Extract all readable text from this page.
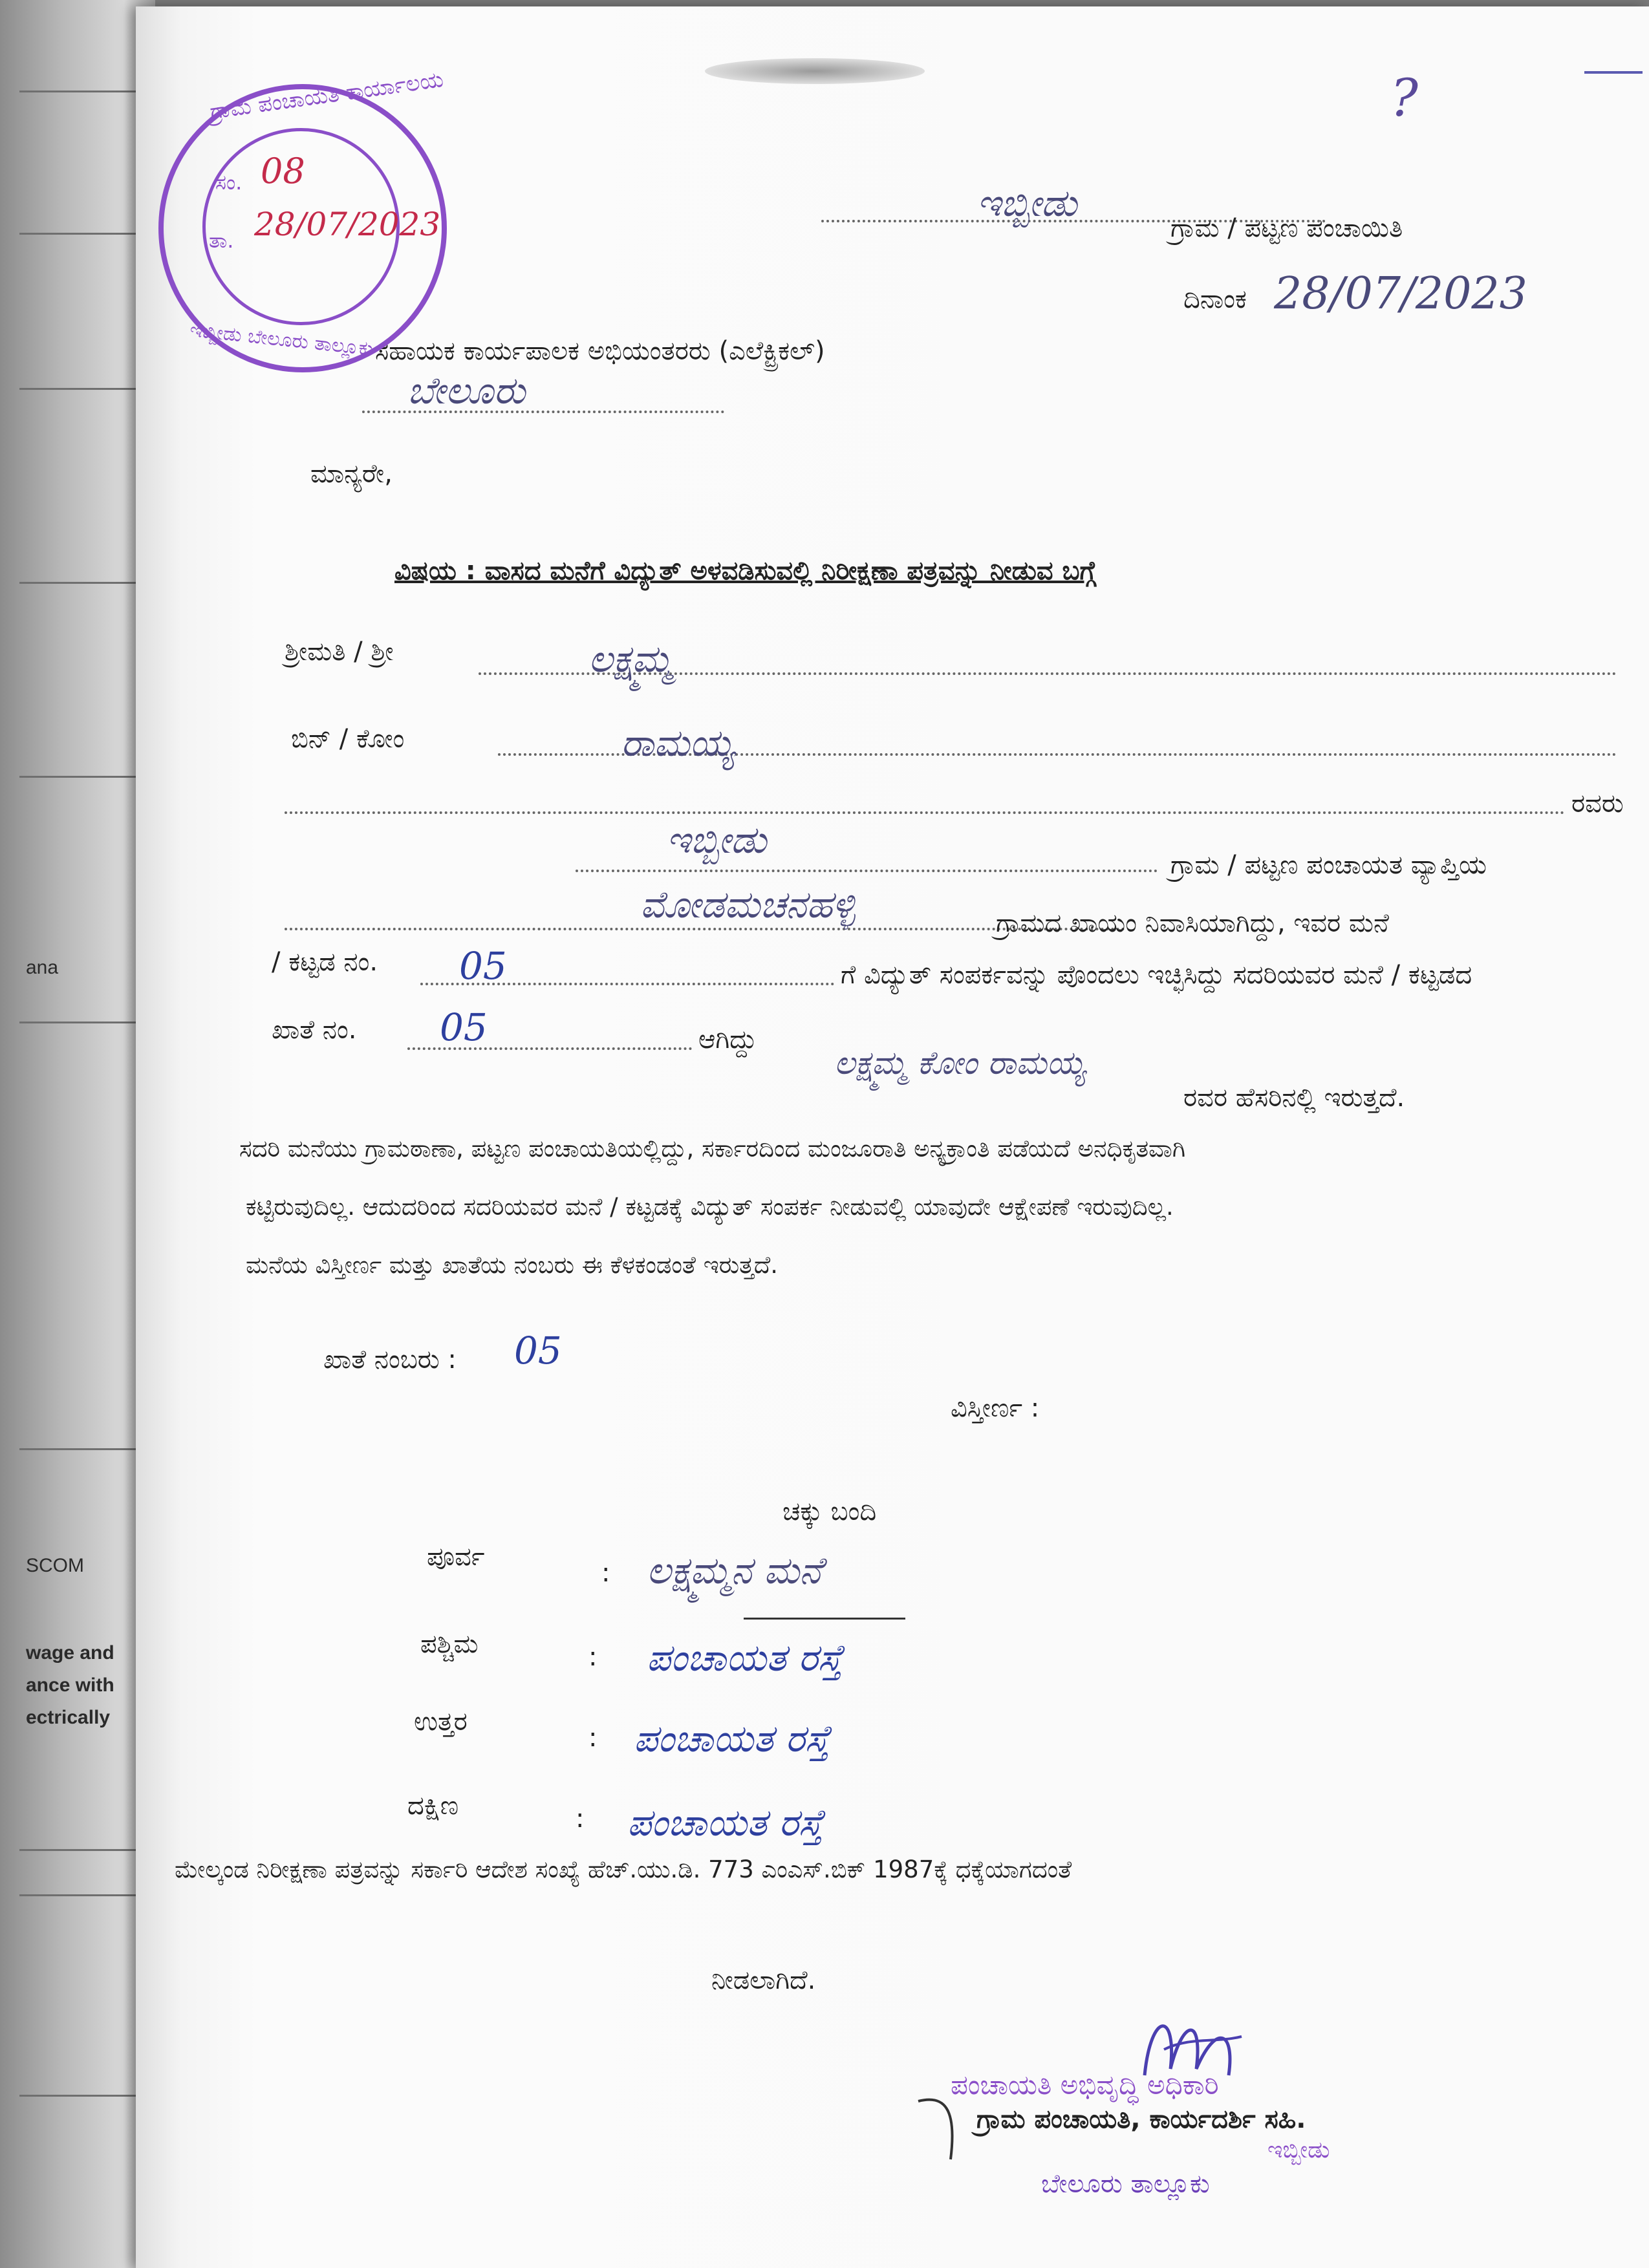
ana
SCOM
wage and
ance with
ectrically
?
ಇಬ್ಬೀಡು
ಗ್ರಾಮ / ಪಟ್ಟಣ ಪಂಚಾಯಿತಿ
ದಿನಾಂಕ 28/07/2023
ಸಹಾಯಕ ಕಾರ್ಯಪಾಲಕ ಅಭಿಯಂತರರು (ಎಲೆಕ್ಟ್ರಿಕಲ್)
ಬೇಲೂರು
ಮಾನ್ಯರೇ,
ವಿಷಯ : ವಾಸದ ಮನೆಗೆ ವಿದ್ಯುತ್ ಅಳವಡಿಸುವಲ್ಲಿ ನಿರೀಕ್ಷಣಾ ಪತ್ರವನ್ನು ನೀಡುವ ಬಗ್ಗೆ
ಶ್ರೀಮತಿ / ಶ್ರೀ	ಲಕ್ಷ್ಮಮ್ಮ
ಬಿನ್ / ಕೋಂ	ರಾಮಯ್ಯ
ರವರು
ಇಬ್ಬೀಡು
ಗ್ರಾಮ / ಪಟ್ಟಣ ಪಂಚಾಯತ ವ್ಯಾಪ್ತಿಯ
ಮೋಡಮಚನಹಳ್ಳಿ	ಗ್ರಾಮದ ಖಾಯಂ ನಿವಾಸಿಯಾಗಿದ್ದು, ಇವರ ಮನೆ
/ ಕಟ್ಟಡ ನಂ. 05	ಗೆ ವಿದ್ಯುತ್ ಸಂಪರ್ಕವನ್ನು ಪೊಂದಲು ಇಚ್ಛಿಸಿದ್ದು ಸದರಿಯವರ ಮನೆ / ಕಟ್ಟಡದ
ಖಾತೆ ನಂ. 05	ಆಗಿದ್ದು
ಲಕ್ಷ್ಮಮ್ಮ ಕೋಂ ರಾಮಯ್ಯ
ರವರ ಹೆಸರಿನಲ್ಲಿ ಇರುತ್ತದೆ.
ಸದರಿ ಮನೆಯು ಗ್ರಾಮಠಾಣಾ, ಪಟ್ಟಣ ಪಂಚಾಯತಿಯಲ್ಲಿದ್ದು, ಸರ್ಕಾರದಿಂದ ಮಂಜೂರಾತಿ ಅನ್ಯಕ್ರಾಂತಿ ಪಡೆಯದೆ ಅನಧಿಕೃತವಾಗಿ
ಕಟ್ಟಿರುವುದಿಲ್ಲ. ಆದುದರಿಂದ ಸದರಿಯವರ ಮನೆ / ಕಟ್ಟಡಕ್ಕೆ ವಿದ್ಯುತ್ ಸಂಪರ್ಕ ನೀಡುವಲ್ಲಿ ಯಾವುದೇ ಆಕ್ಷೇಪಣೆ ಇರುವುದಿಲ್ಲ.
ಮನೆಯ ವಿಸ್ತೀರ್ಣ ಮತ್ತು ಖಾತೆಯ ನಂಬರು ಈ ಕೆಳಕಂಡಂತೆ ಇರುತ್ತದೆ.
ಖಾತೆ ನಂಬರು : 05
ವಿಸ್ತೀರ್ಣ :
ಚಕ್ಕು ಬಂದಿ
ಪೂರ್ವ
: ಲಕ್ಷ್ಮಮ್ಮನ ಮನೆ
ಪಶ್ಚಿಮ	: ಪಂಚಾಯತ ರಸ್ತೆ
ಉತ್ತರ
: ಪಂಚಾಯತ ರಸ್ತೆ
ದಕ್ಷಿಣ	: ಪಂಚಾಯತ ರಸ್ತೆ
ಮೇಲ್ಕಂಡ ನಿರೀಕ್ಷಣಾ ಪತ್ರವನ್ನು ಸರ್ಕಾರಿ ಆದೇಶ ಸಂಖ್ಯೆ ಹೆಚ್.ಯು.ಡಿ. 773 ಎಂಎಸ್.ಬಿಕ್ 1987ಕ್ಕೆ ಧಕ್ಕೆಯಾಗದಂತೆ
ನೀಡಲಾಗಿದೆ.
ಪಂಚಾಯತಿ ಅಭಿವೃದ್ಧಿ ಅಧಿಕಾರಿ
ಗ್ರಾಮ ಪಂಚಾಯತಿ, ಕಾರ್ಯದರ್ಶಿ ಸಹಿ.
ಇಬ್ಬೀಡು
ಬೇಲೂರು ತಾಲ್ಲೂಕು
ಗ್ರಾಮ ಪಂಚಾಯತಿ ಕಾರ್ಯಾಲಯ
ಇಬ್ಬೀಡು ಬೇಲೂರು ತಾಲ್ಲೂಕು
ಸಂ. 08
ತಾ. 28/07/2023
